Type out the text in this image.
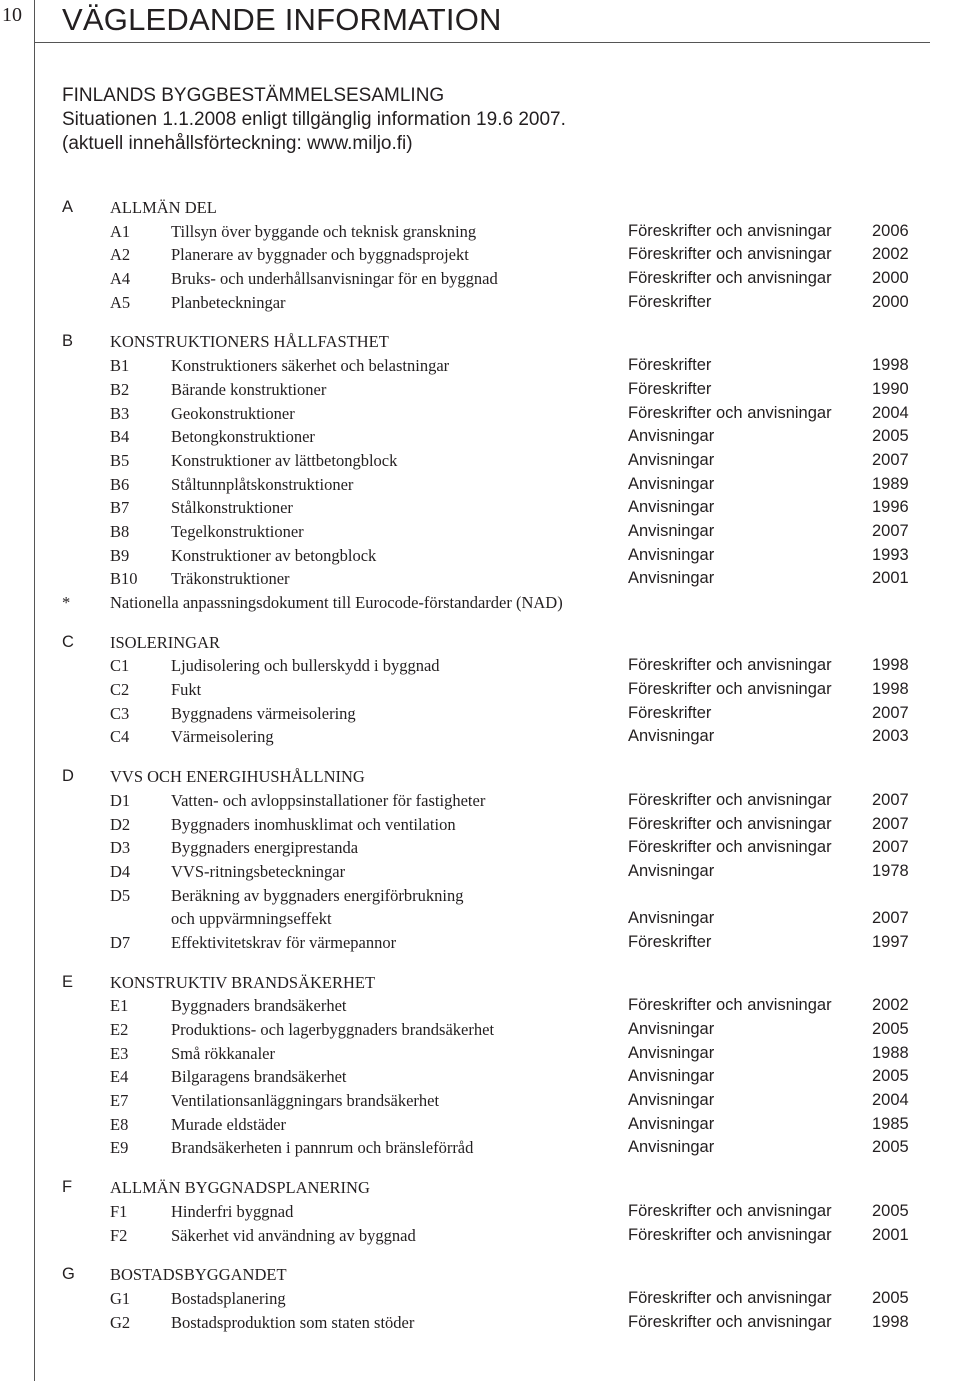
10 VÄGLEDANDE INFORMATION
FINLANDS BYGGBESTÄMMELSESAMLING
Situationen 1.1.2008 enligt tillgänglig information 19.6 2007.
(aktuell innehållsförteckning: www.miljo.fi)
A ALLMÄN DEL
A1 Tillsyn över byggande och teknisk granskning	Föreskrifter och anvisningar 2006
A2 Planerare av byggnader och byggnadsprojekt	Föreskrifter och anvisningar 2002
A4 Bruks- och underhållsanvisningar för en byggnad	Föreskrifter och anvisningar 2000
A5 Planbeteckningar	Föreskrifter	2000
B KONSTRUKTIONERS HÅLLFASTHET
B1	Konstruktioners säkerhet och belastningar	Föreskrifter	1998
B2	Bärande konstruktioner	Föreskrifter	1990
B3	Geokonstruktioner	Föreskrifter och anvisningar 2004
B4	Betongkonstruktioner	Anvisningar	2005
B5	Konstruktioner av lättbetongblock	Anvisningar	2007
B6	Ståltunnplåtskonstruktioner	Anvisningar	1989
B7	Stålkonstruktioner	Anvisningar	1996
B8	Tegelkonstruktioner	Anvisningar	2007
B9	Konstruktioner av betongblock	Anvisningar	1993
B10 Träkonstruktioner	Anvisningar	2001
* Nationella anpassningsdokument till Eurocode-förstandarder (NAD)
C ISOLERINGAR
C1	Ljudisolering och bullerskydd i byggnad	Föreskrifter och anvisningar 1998
C2	Fukt	Föreskrifter och anvisningar 1998
C3	Byggnadens värmeisolering	Föreskrifter	2007
C4	Värmeisolering	Anvisningar	2003
D VVS OCH ENERGIHUSHÅLLNING
D1 Vatten- och avloppsinstallationer för fastigheter	Föreskrifter och anvisningar 2007
D2 Byggnaders inomhusklimat och ventilation	Föreskrifter och anvisningar 2007
D3 Byggnaders energiprestanda	Föreskrifter och anvisningar 2007
D4 VVS-ritningsbeteckningar	Anvisningar	1978
D5 Beräkning av byggnaders energiförbrukning
och uppvärmningseffekt	Anvisningar	2007
D7 Effektivitetskrav för värmepannor	Föreskrifter	1997
E KONSTRUKTIV BRANDSÄKERHET
E1	Byggnaders brandsäkerhet	Föreskrifter och anvisningar 2002
E2	Produktions- och lagerbyggnaders brandsäkerhet	Anvisningar	2005
E3	Små rökkanaler	Anvisningar	1988
E4	Bilgaragens brandsäkerhet	Anvisningar	2005
E7	Ventilationsanläggningars brandsäkerhet	Anvisningar	2004
E8	Murade eldstäder	Anvisningar	1985
E9	Brandsäkerheten i pannrum och bränsleförråd	Anvisningar	2005
F ALLMÄN BYGGNADSPLANERING
F1	Hinderfri byggnad	Föreskrifter och anvisningar 2005
F2	Säkerhet vid användning av byggnad	Föreskrifter och anvisningar 2001
G BOSTADSBYGGANDET
G1 Bostadsplanering	Föreskrifter och anvisningar 2005
G2 Bostadsproduktion som staten stöder	Föreskrifter och anvisningar 1998
